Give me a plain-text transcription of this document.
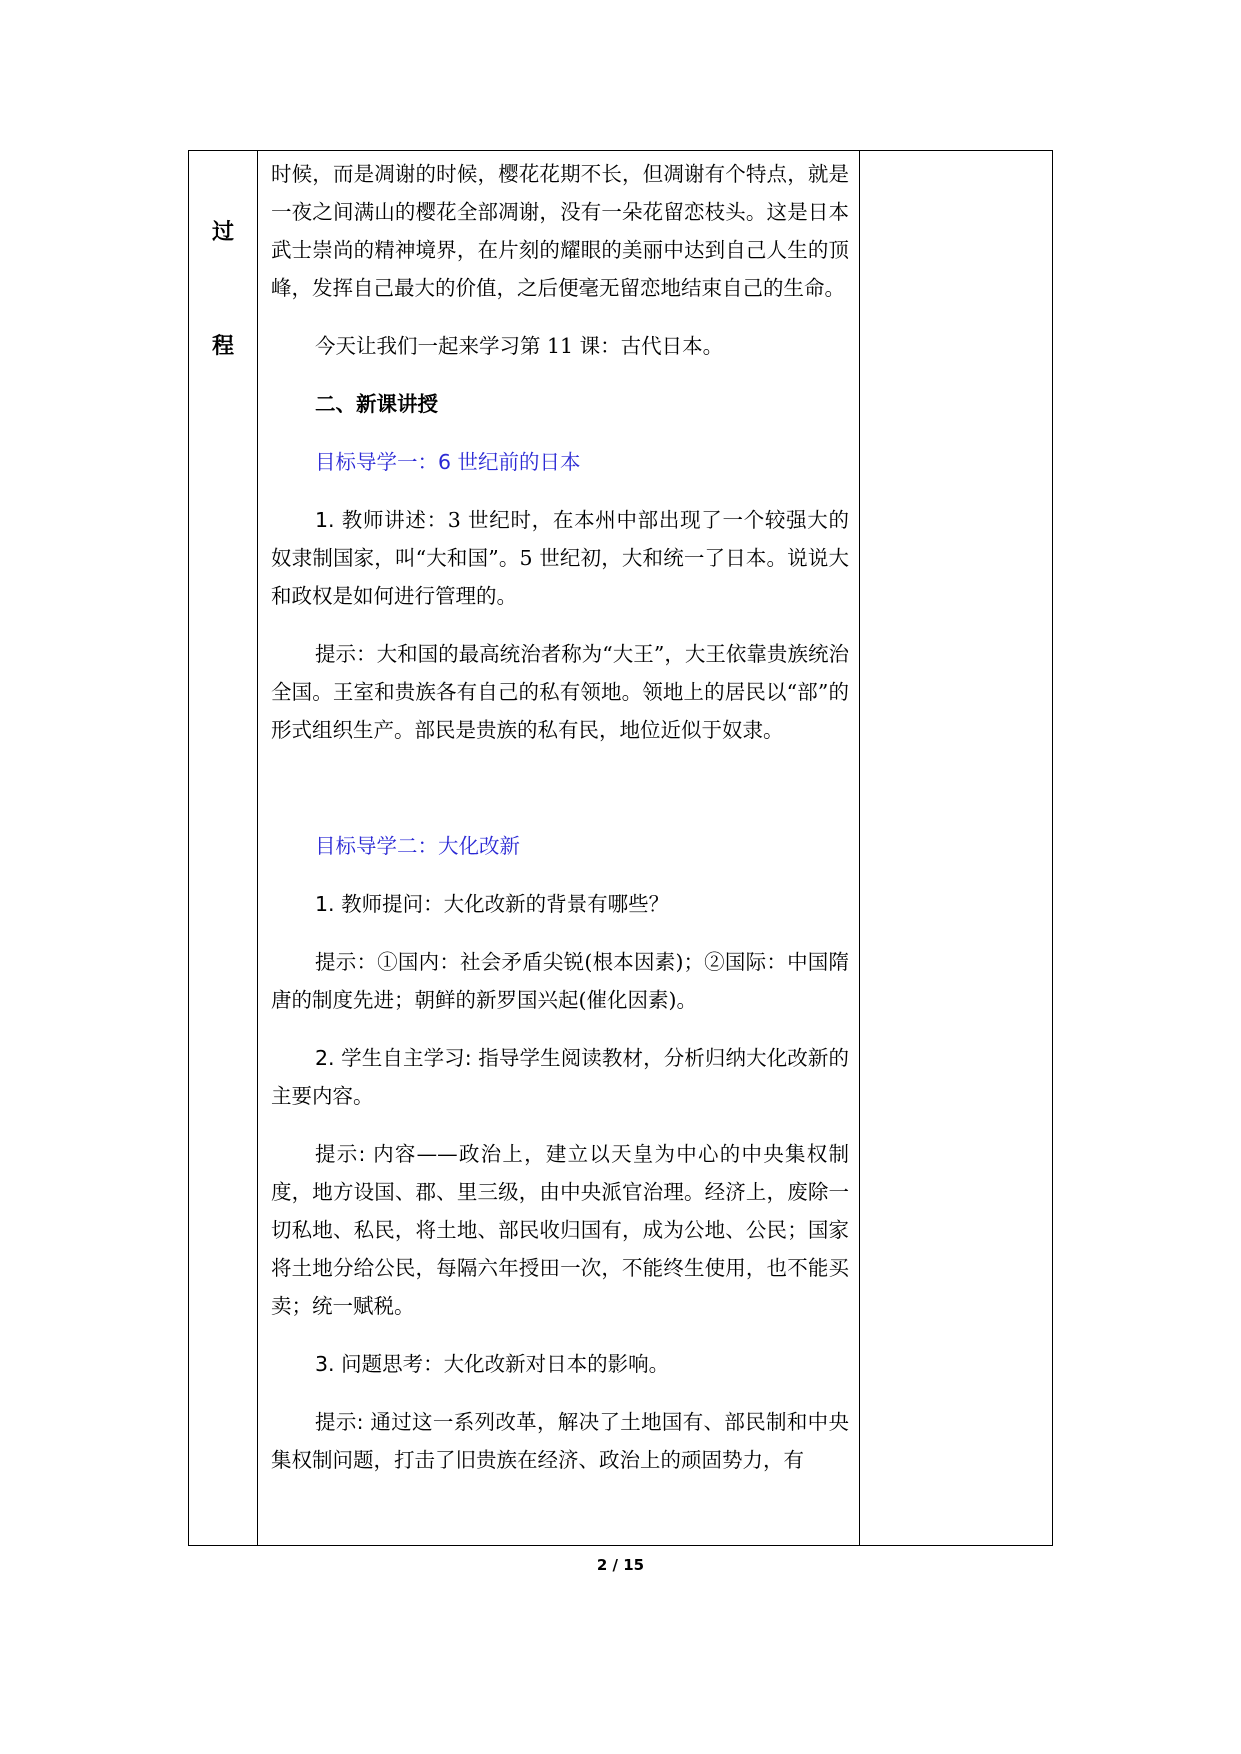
过
程

时候，而是凋谢的时候，樱花花期不长，但凋谢有个特点，就是一夜之间满山的樱花全部凋谢，没有一朵花留恋枝头。这是日本武士崇尚的精神境界，在片刻的耀眼的美丽中达到自己人生的顶峰，发挥自己最大的价值，之后便毫无留恋地结束自己的生命。

今天让我们一起来学习第 11 课：古代日本。

二、新课讲授

目标导学一：6 世纪前的日本

1. 教师讲述：3 世纪时，在本州中部出现了一个较强大的奴隶制国家，叫“大和国”。5 世纪初，大和统一了日本。说说大和政权是如何进行管理的。

提示：大和国的最高统治者称为“大王”，大王依靠贵族统治全国。王室和贵族各有自己的私有领地。领地上的居民以“部”的形式组织生产。部民是贵族的私有民，地位近似于奴隶。

目标导学二：大化改新

1. 教师提问：大化改新的背景有哪些？

提示：①国内：社会矛盾尖锐(根本因素)；②国际：中国隋唐的制度先进；朝鲜的新罗国兴起(催化因素)。

2. 学生自主学习: 指导学生阅读教材，分析归纳大化改新的主要内容。

提示: 内容——政治上，建立以天皇为中心的中央集权制度，地方设国、郡、里三级，由中央派官治理。经济上，废除一切私地、私民，将土地、部民收归国有，成为公地、公民；国家将土地分给公民，每隔六年授田一次，不能终生使用，也不能买卖；统一赋税。

3. 问题思考：大化改新对日本的影响。

提示: 通过这一系列改革，解决了土地国有、部民制和中央集权制问题，打击了旧贵族在经济、政治上的顽固势力，有

2 / 15
